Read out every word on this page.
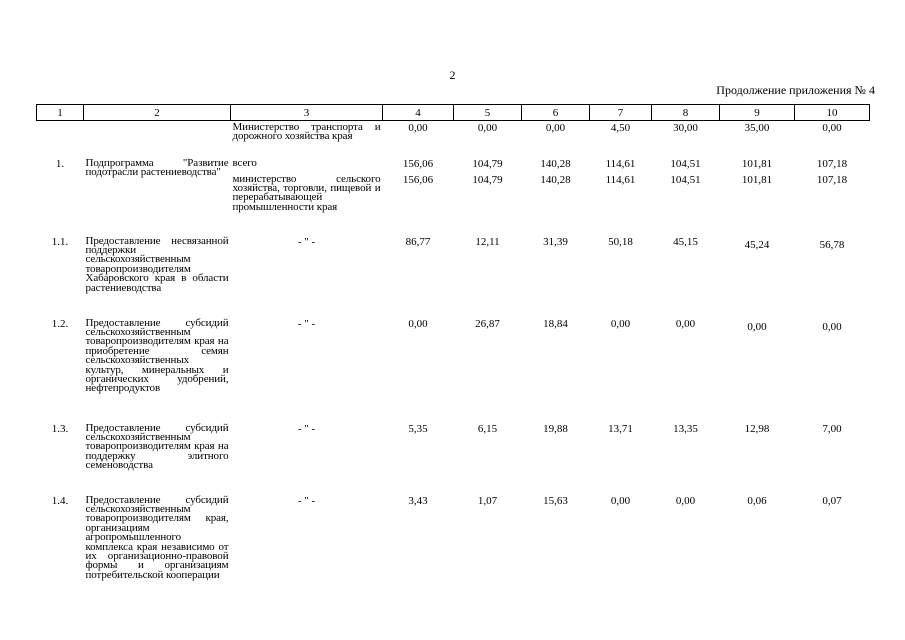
2
Продолжение приложения № 4
1	2	3	4	5	6	7	8	9	10
		Министерство транспорта и дорожного хозяйства края	0,00	0,00	0,00	4,50	30,00	35,00	0,00
1.	Подпрограмма "Развитие подотрасли растениеводства"	всего	156,06	104,79	140,28	114,61	104,51	101,81	107,18
		министерство сельского хозяйства, торговли, пищевой и перерабатывающей промышленности края	156,06	104,79	140,28	114,61	104,51	101,81	107,18
1.1.	Предоставление несвязанной поддержки сельскохозяйственным товаропроизводителям Хабаровского края в области растениеводства	- " -	86,77	12,11	31,39	50,18	45,15	45,24	56,78
1.2.	Предоставление субсидий сельскохозяйственным товаропроизводителям края на приобретение семян сельскохозяйственных культур, минеральных и органических удобрений, нефтепродуктов	- " -	0,00	26,87	18,84	0,00	0,00	0,00	0,00
1.3.	Предоставление субсидий сельскохозяйственным товаропроизводителям края на поддержку элитного семеноводства	- " -	5,35	6,15	19,88	13,71	13,35	12,98	7,00
1.4.	Предоставление субсидий сельскохозяйственным товаропроизводителям края, организациям агропромышленного комплекса края независимо от их организационно-правовой формы и организациям потребительской кооперации	- " -	3,43	1,07	15,63	0,00	0,00	0,06	0,07
